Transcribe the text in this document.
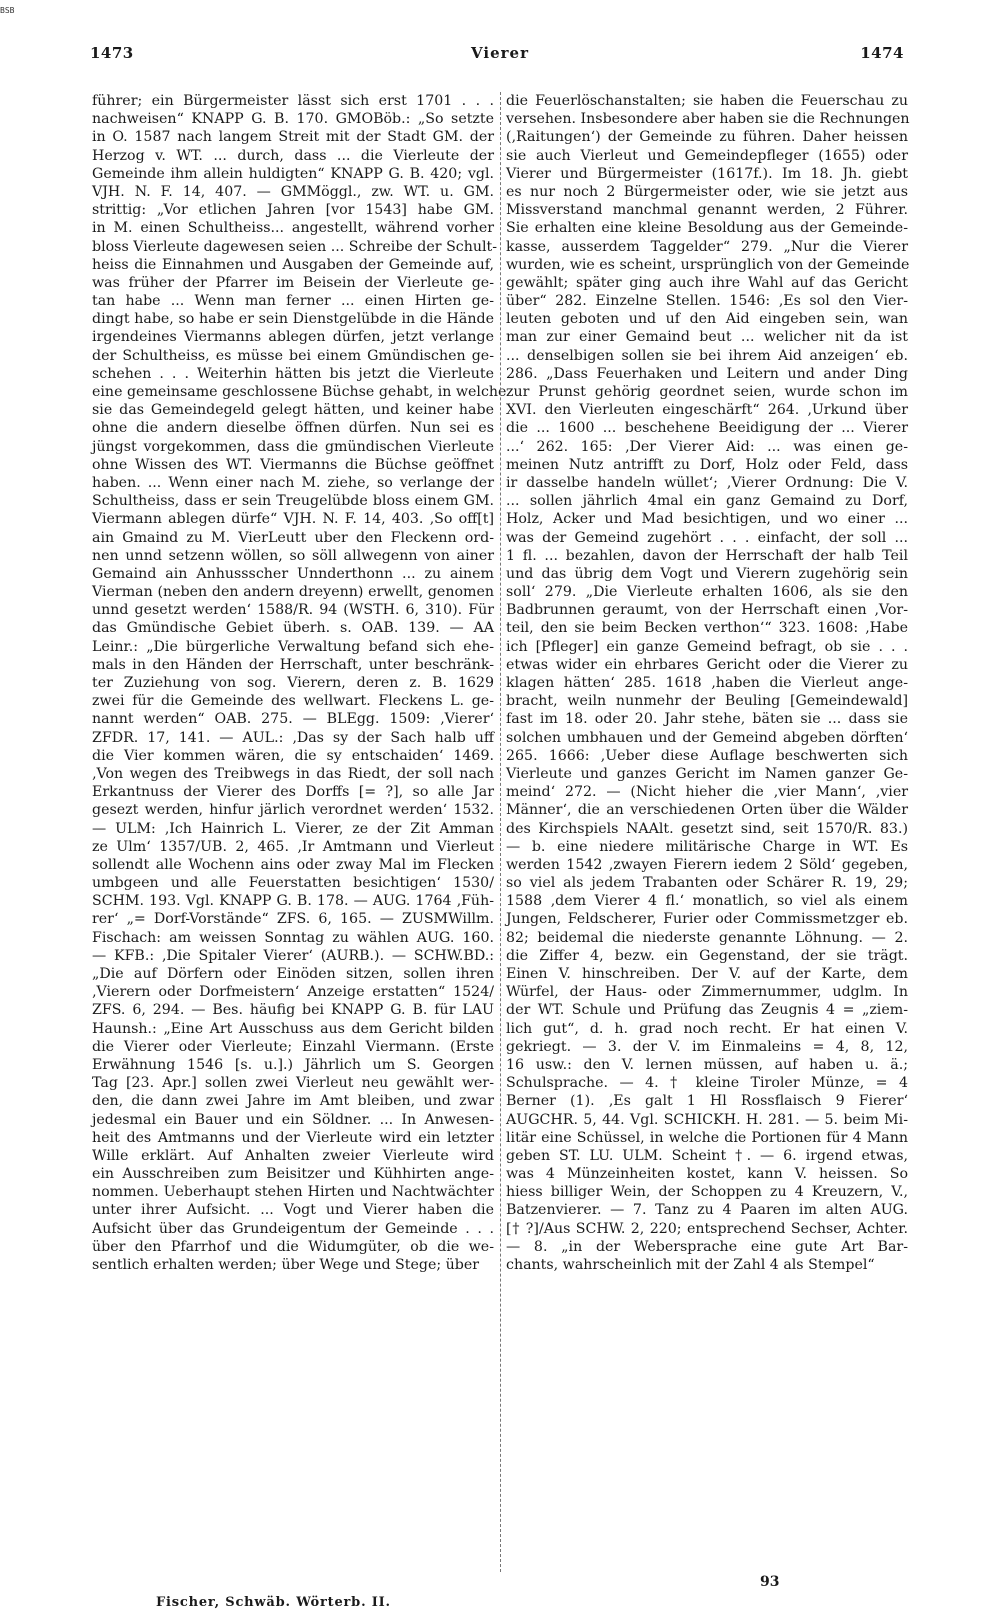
BSB
1473	Vierer	1474
führer; ein Bürgermeister lässt sich erst 1701 . . .
nachweisen“ KNAPP G. B. 170. GMOBöb.: „So setzte
in O. 1587 nach langem Streit mit der Stadt GM. der
Herzog v. WT. ... durch, dass ... die Vierleute der
Gemeinde ihm allein huldigten“ KNAPP G. B. 420; vgl.
VJH. N. F. 14, 407. — GMMöggl., zw. WT. u. GM.
strittig: „Vor etlichen Jahren [vor 1543] habe GM.
in M. einen Schultheiss... angestellt, während vorher
bloss Vierleute dagewesen seien ... Schreibe der Schult-
heiss die Einnahmen und Ausgaben der Gemeinde auf,
was früher der Pfarrer im Beisein der Vierleute ge-
tan habe ... Wenn man ferner ... einen Hirten ge-
dingt habe, so habe er sein Dienstgelübde in die Hände
irgendeines Viermanns ablegen dürfen, jetzt verlange
der Schultheiss, es müsse bei einem Gmündischen ge-
schehen . . . Weiterhin hätten bis jetzt die Vierleute
eine gemeinsame geschlossene Büchse gehabt, in welche
sie das Gemeindegeld gelegt hätten, und keiner habe
ohne die andern dieselbe öffnen dürfen. Nun sei es
jüngst vorgekommen, dass die gmündischen Vierleute
ohne Wissen des WT. Viermanns die Büchse geöffnet
haben. ... Wenn einer nach M. ziehe, so verlange der
Schultheiss, dass er sein Treugelübde bloss einem GM.
Viermann ablegen dürfe“ VJH. N. F. 14, 403. ‚So off[t]
ain Gmaind zu M. VierLeutt uber den Fleckenn ord-
nen unnd setzenn wöllen, so söll allwegenn von ainer
Gemaind ain Anhussscher Unnderthonn ... zu ainem
Vierman (neben den andern dreyenn) erwellt, genomen
unnd gesetzt werden‘ 1588/R. 94 (WSTH. 6, 310). Für
das Gmündische Gebiet überh. s. OAB. 139. — AA
Leinr.: „Die bürgerliche Verwaltung befand sich ehe-
mals in den Händen der Herrschaft, unter beschränk-
ter Zuziehung von sog. Vierern, deren z. B. 1629
zwei für die Gemeinde des wellwart. Fleckens L. ge-
nannt werden“ OAB. 275. — BLEgg. 1509: ‚Vierer‘
ZFDR. 17, 141. — AUL.: ‚Das sy der Sach halb uff
die Vier kommen wären, die sy entschaiden‘ 1469.
‚Von wegen des Treibwegs in das Riedt, der soll nach
Erkantnuss der Vierer des Dorffs [= ?], so alle Jar
gesezt werden, hinfur järlich verordnet werden‘ 1532.
— ULM: ‚Ich Hainrich L. Vierer, ze der Zit Amman
ze Ulm‘ 1357/UB. 2, 465. ‚Ir Amtmann und Vierleut
sollendt alle Wochenn ains oder zway Mal im Flecken
umbgeen und alle Feuerstatten besichtigen‘ 1530/
SCHM. 193. Vgl. KNAPP G. B. 178. — AUG. 1764 ‚Füh-
rer‘ „= Dorf-Vorstände“ ZFS. 6, 165. — ZUSMWillm.
Fischach: am weissen Sonntag zu wählen AUG. 160.
— KFB.: ‚Die Spitaler Vierer‘ (AURB.). — SCHW.BD.:
„Die auf Dörfern oder Einöden sitzen, sollen ihren
‚Vierern oder Dorfmeistern‘ Anzeige erstatten“ 1524/
ZFS. 6, 294. — Bes. häufig bei KNAPP G. B. für LAU
Haunsh.: „Eine Art Ausschuss aus dem Gericht bilden
die Vierer oder Vierleute; Einzahl Viermann. (Erste
Erwähnung 1546 [s. u.].) Jährlich um S. Georgen
Tag [23. Apr.] sollen zwei Vierleut neu gewählt wer-
den, die dann zwei Jahre im Amt bleiben, und zwar
jedesmal ein Bauer und ein Söldner. ... In Anwesen-
heit des Amtmanns und der Vierleute wird ein letzter
Wille erklärt. Auf Anhalten zweier Vierleute wird
ein Ausschreiben zum Beisitzer und Kühhirten ange-
nommen. Ueberhaupt stehen Hirten und Nachtwächter
unter ihrer Aufsicht. ... Vogt und Vierer haben die
Aufsicht über das Grundeigentum der Gemeinde . . .
über den Pfarrhof und die Widumgüter, ob die we-
sentlich erhalten werden; über Wege und Stege; über
die Feuerlöschanstalten; sie haben die Feuerschau zu
versehen. Insbesondere aber haben sie die Rechnungen
(‚Raitungen‘) der Gemeinde zu führen. Daher heissen
sie auch Vierleut und Gemeindepfleger (1655) oder
Vierer und Bürgermeister (1617f.). Im 18. Jh. giebt
es nur noch 2 Bürgermeister oder, wie sie jetzt aus
Missverstand manchmal genannt werden, 2 Führer.
Sie erhalten eine kleine Besoldung aus der Gemeinde-
kasse, ausserdem Taggelder“ 279. „Nur die Vierer
wurden, wie es scheint, ursprünglich von der Gemeinde
gewählt; später ging auch ihre Wahl auf das Gericht
über“ 282. Einzelne Stellen. 1546: ‚Es sol den Vier-
leuten geboten und uf den Aid eingeben sein, wan
man zur einer Gemaind beut ... welicher nit da ist
... denselbigen sollen sie bei ihrem Aid anzeigen‘ eb.
286. „Dass Feuerhaken und Leitern und ander Ding
zur Prunst gehörig geordnet seien, wurde schon im
XVI. den Vierleuten eingeschärft“ 264. ‚Urkund über
die ... 1600 ... beschehene Beeidigung der ... Vierer
...‘ 262. 165: ‚Der Vierer Aid: ... was einen ge-
meinen Nutz antrifft zu Dorf, Holz oder Feld, dass
ir dasselbe handeln wüllet‘; ‚Vierer Ordnung: Die V.
... sollen jährlich 4mal ein ganz Gemaind zu Dorf,
Holz, Acker und Mad besichtigen, und wo einer ...
was der Gemeind zugehört . . . einfacht, der soll ...
1 fl. ... bezahlen, davon der Herrschaft der halb Teil
und das übrig dem Vogt und Vierern zugehörig sein
soll‘ 279. „Die Vierleute erhalten 1606, als sie den
Badbrunnen geraumt, von der Herrschaft einen ‚Vor-
teil, den sie beim Becken verthon‘“ 323. 1608: ‚Habe
ich [Pfleger] ein ganze Gemeind befragt, ob sie . . .
etwas wider ein ehrbares Gericht oder die Vierer zu
klagen hätten‘ 285. 1618 ‚haben die Vierleut ange-
bracht, weiln nunmehr der Beuling [Gemeindewald]
fast im 18. oder 20. Jahr stehe, bäten sie ... dass sie
solchen umbhauen und der Gemeind abgeben dörften‘
265. 1666: ‚Ueber diese Auflage beschwerten sich
Vierleute und ganzes Gericht im Namen ganzer Ge-
meind‘ 272. — (Nicht hieher die ‚vier Mann‘, ‚vier
Männer‘, die an verschiedenen Orten über die Wälder
des Kirchspiels NAAlt. gesetzt sind, seit 1570/R. 83.)
— b. eine niedere militärische Charge in WT. Es
werden 1542 ‚zwayen Fierern iedem 2 Söld‘ gegeben,
so viel als jedem Trabanten oder Schärer R. 19, 29;
1588 ‚dem Vierer 4 fl.‘ monatlich, so viel als einem
Jungen, Feldscherer, Furier oder Commissmetzger eb.
82; beidemal die niederste genannte Löhnung. — 2.
die Ziffer 4, bezw. ein Gegenstand, der sie trägt.
Einen V. hinschreiben. Der V. auf der Karte, dem
Würfel, der Haus- oder Zimmernummer, udglm. In
der WT. Schule und Prüfung das Zeugnis 4 = „ziem-
lich gut“, d. h. grad noch recht. Er hat einen V.
gekriegt. — 3. der V. im Einmaleins = 4, 8, 12,
16 usw.: den V. lernen müssen, auf haben u. ä.;
Schulsprache. — 4. † kleine Tiroler Münze, = 4
Berner (1). ‚Es galt 1 Hl Rossflaisch 9 Fierer‘
AUGCHR. 5, 44. Vgl. SCHICKH. H. 281. — 5. beim Mi-
litär eine Schüssel, in welche die Portionen für 4 Mann
geben ST. LU. ULM. Scheint †. — 6. irgend etwas,
was 4 Münzeinheiten kostet, kann V. heissen. So
hiess billiger Wein, der Schoppen zu 4 Kreuzern, V.,
Batzenvierer. — 7. Tanz zu 4 Paaren im alten AUG.
[† ?]/Aus SCHW. 2, 220; entsprechend Sechser, Achter.
— 8. „in der Webersprache eine gute Art Bar-
chants, wahrscheinlich mit der Zahl 4 als Stempel“
Fischer, Schwäb. Wörterb. II.
93
